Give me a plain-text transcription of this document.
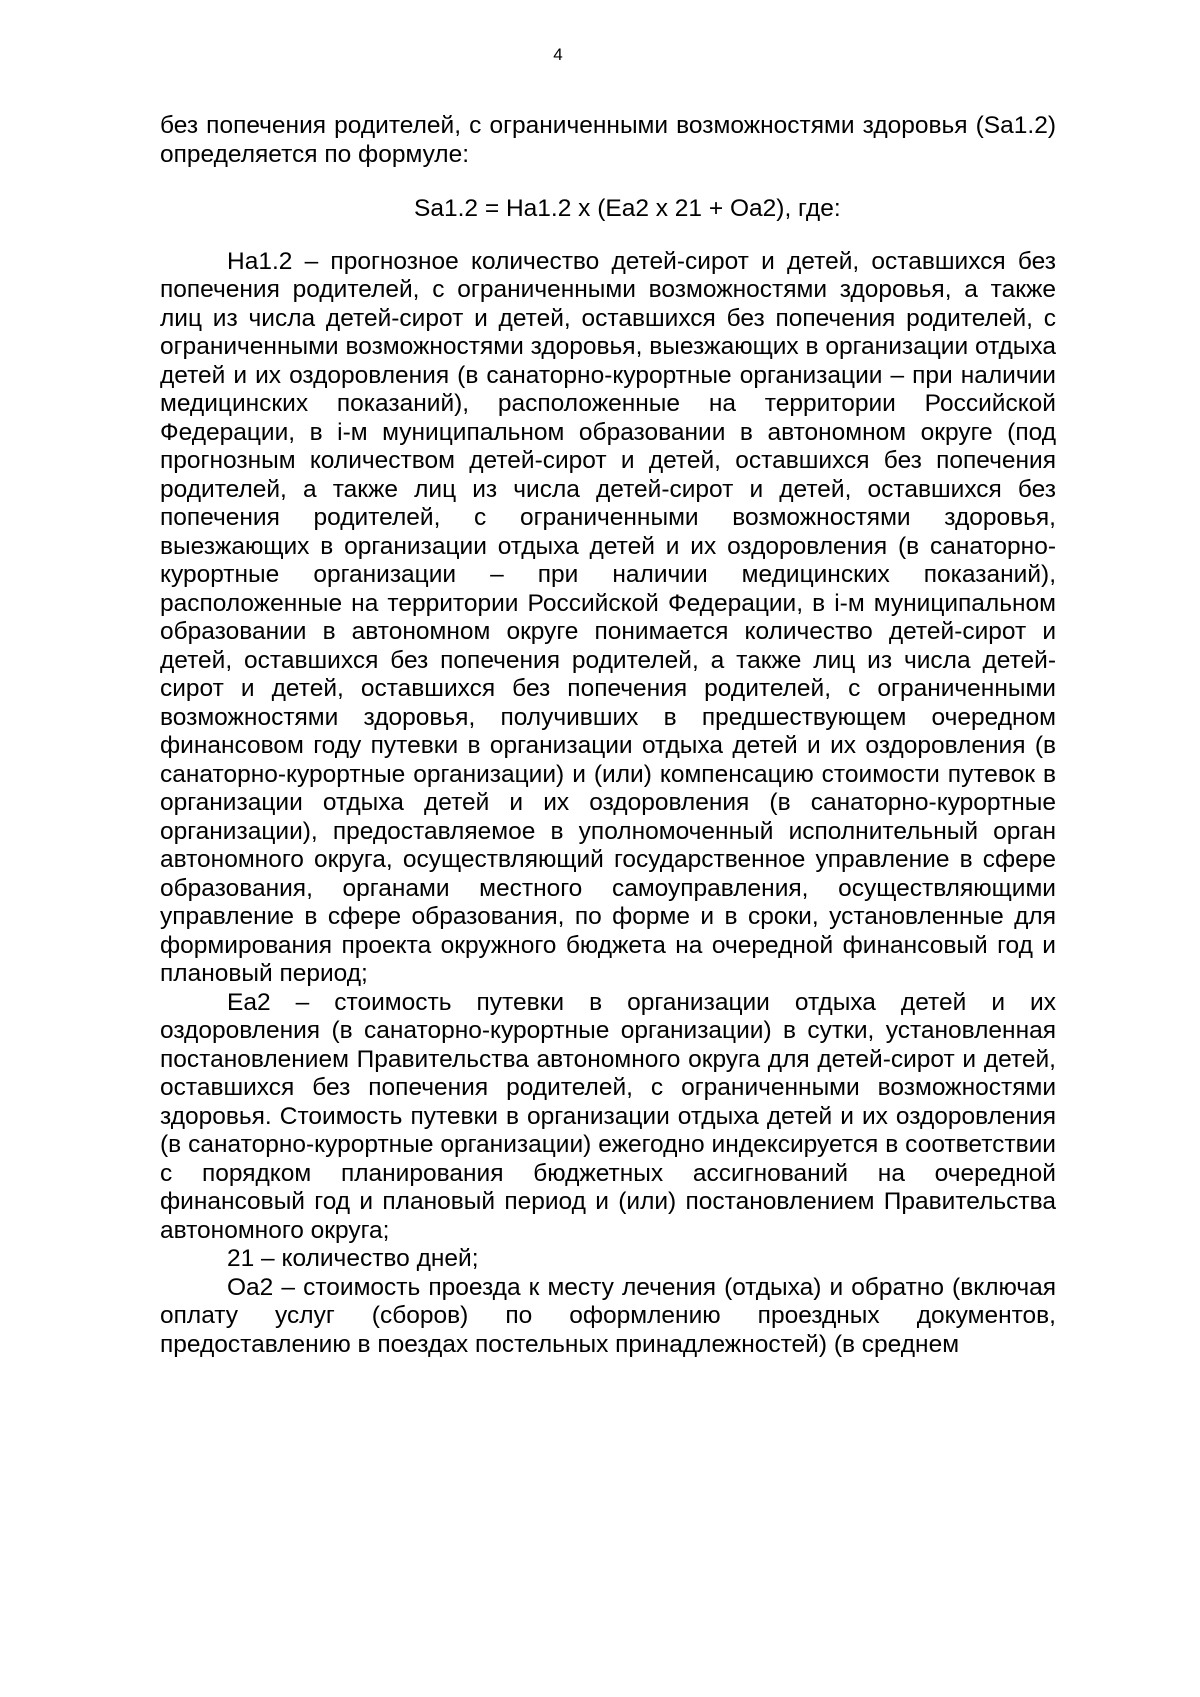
4

без попечения родителей, с ограниченными возможностями здоровья (Sa1.2) определяется по формуле:

Sa1.2 = Ha1.2 x (Ea2 x 21 + Oa2), где:

Ha1.2 – прогнозное количество детей-сирот и детей, оставшихся без попечения родителей, с ограниченными возможностями здоровья, а также лиц из числа детей-сирот и детей, оставшихся без попечения родителей, с ограниченными возможностями здоровья, выезжающих в организации отдыха детей и их оздоровления (в санаторно-курортные организации – при наличии медицинских показаний), расположенные на территории Российской Федерации, в i-м муниципальном образовании в автономном округе (под прогнозным количеством детей-сирот и детей, оставшихся без попечения родителей, а также лиц из числа детей-сирот и детей, оставшихся без попечения родителей, с ограниченными возможностями здоровья, выезжающих в организации отдыха детей и их оздоровления (в санаторно-курортные организации – при наличии медицинских показаний), расположенные на территории Российской Федерации, в i-м муниципальном образовании в автономном округе понимается количество детей-сирот и детей, оставшихся без попечения родителей, а также лиц из числа детей-сирот и детей, оставшихся без попечения родителей, с ограниченными возможностями здоровья, получивших в предшествующем очередном финансовом году путевки в организации отдыха детей и их оздоровления (в санаторно-курортные организации) и (или) компенсацию стоимости путевок в организации отдыха детей и их оздоровления (в санаторно-курортные организации), предоставляемое в уполномоченный исполнительный орган автономного округа, осуществляющий государственное управление в сфере образования, органами местного самоуправления, осуществляющими управление в сфере образования, по форме и в сроки, установленные для формирования проекта окружного бюджета на очередной финансовый год и плановый период;

Ea2 – стоимость путевки в организации отдыха детей и их оздоровления (в санаторно-курортные организации) в сутки, установленная постановлением Правительства автономного округа для детей-сирот и детей, оставшихся без попечения родителей, с ограниченными возможностями здоровья. Стоимость путевки в организации отдыха детей и их оздоровления (в санаторно-курортные организации) ежегодно индексируется в соответствии с порядком планирования бюджетных ассигнований на очередной финансовый год и плановый период и (или) постановлением Правительства автономного округа;

21 – количество дней;

Oa2 – стоимость проезда к месту лечения (отдыха) и обратно (включая оплату услуг (сборов) по оформлению проездных документов, предоставлению в поездах постельных принадлежностей) (в среднем
